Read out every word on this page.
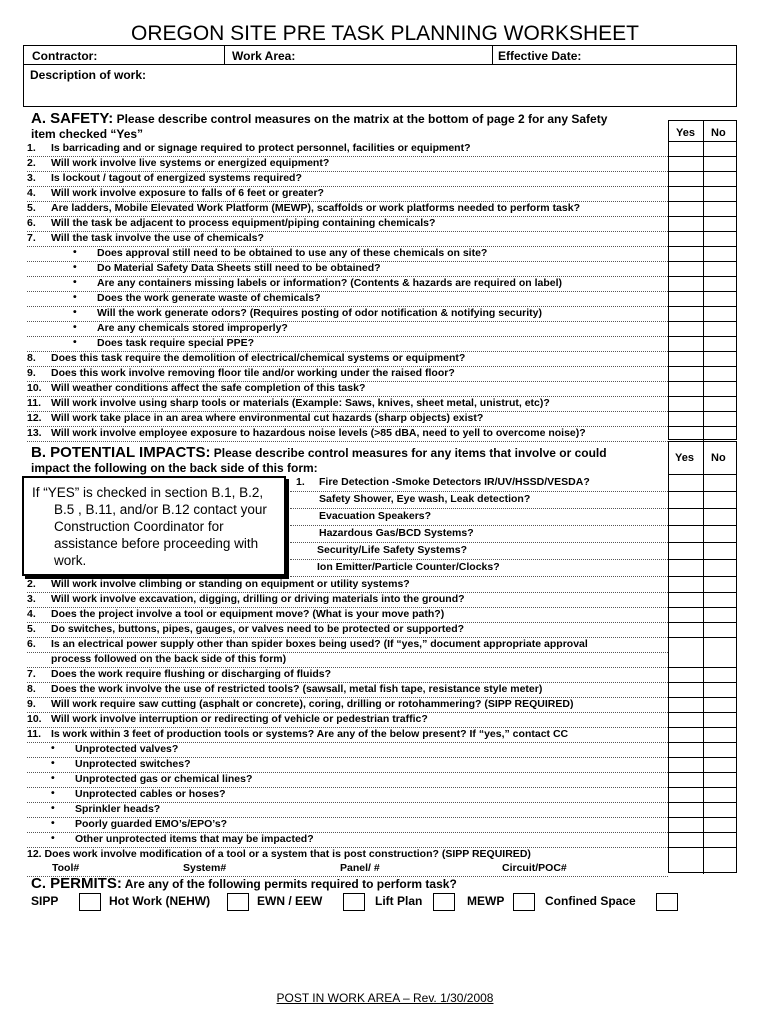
OREGON SITE PRE TASK PLANNING WORKSHEET
Contractor:	Work Area:	Effective Date:
Description of work:
A. SAFETY: Please describe control measures on the matrix at the bottom of page 2 for any Safety
item checked “Yes”	Yes No
1. Is barricading and or signage required to protect personnel, facilities or equipment?
2. Will work involve live systems or energized equipment?
3. Is lockout / tagout of energized systems required?
4. Will work involve exposure to falls of 6 feet or greater?
5. Are ladders, Mobile Elevated Work Platform (MEWP), scaffolds or work platforms needed to perform task?
6. Will the task be adjacent to process equipment/piping containing chemicals?
7. Will the task involve the use of chemicals?
•	Does approval still need to be obtained to use any of these chemicals on site?
•	Do Material Safety Data Sheets still need to be obtained?
•	Are any containers missing labels or information? (Contents & hazards are required on label)
•	Does the work generate waste of chemicals?
•	Will the work generate odors? (Requires posting of odor notification & notifying security)
•	Are any chemicals stored improperly?
•	Does task require special PPE?
8. Does this task require the demolition of electrical/chemical systems or equipment?
9. Does this work involve removing floor tile and/or working under the raised floor?
10. Will weather conditions affect the safe completion of this task?
11. Will work involve using sharp tools or materials (Example: Saws, knives, sheet metal, unistrut, etc)?
12. Will work take place in an area where environmental cut hazards (sharp objects) exist?
13. Will work involve employee exposure to hazardous noise levels (>85 dBA, need to yell to overcome noise)?
B. POTENTIAL IMPACTS: Please describe control measures for any items that involve or could
impact the following on the back side of this form:
Yes No
1. Fire Detection -Smoke Detectors IR/UV/HSSD/VESDA?
Safety Shower, Eye wash, Leak detection?
Evacuation Speakers?
Hazardous Gas/BCD Systems?
Security/Life Safety Systems?
Ion Emitter/Particle Counter/Clocks?
2. Will work involve climbing or standing on equipment or utility systems?
3. Will work involve excavation, digging, drilling or driving materials into the ground?
4. Does the project involve a tool or equipment move? (What is your move path?)
5. Do switches, buttons, pipes, gauges, or valves need to be protected or supported?
6. Is an electrical power supply other than spider boxes being used? (If “yes,” document appropriate approval
process followed on the back side of this form)
7. Does the work require flushing or discharging of fluids?
8. Does the work involve the use of restricted tools? (sawsall, metal fish tape, resistance style meter)
9. Will work require saw cutting (asphalt or concrete), coring, drilling or rotohammering? (SIPP REQUIRED)
10. Will work involve interruption or redirecting of vehicle or pedestrian traffic?
11. Is work within 3 feet of production tools or systems? Are any of the below present? If “yes,” contact CC
•	Unprotected valves?
•	Unprotected switches?
•	Unprotected gas or chemical lines?
•	Unprotected cables or hoses?
•	Sprinkler heads?
•	Poorly guarded EMO’s/EPO’s?
•	Other unprotected items that may be impacted?
12. Does work involve modification of a tool or a system that is post construction? (SIPP REQUIRED)
Tool#	System#	Panel/ #	Circuit/POC#
If “YES” is checked in section B.1, B.2,
B.5 , B.11, and/or B.12 contact your
Construction Coordinator for
assistance before proceeding with
work.
C. PERMITS: Are any of the following permits required to perform task?
SIPP	Hot Work (NEHW)	EWN / EEW	Lift Plan	MEWP	Confined Space
POST IN WORK AREA – Rev. 1/30/2008
